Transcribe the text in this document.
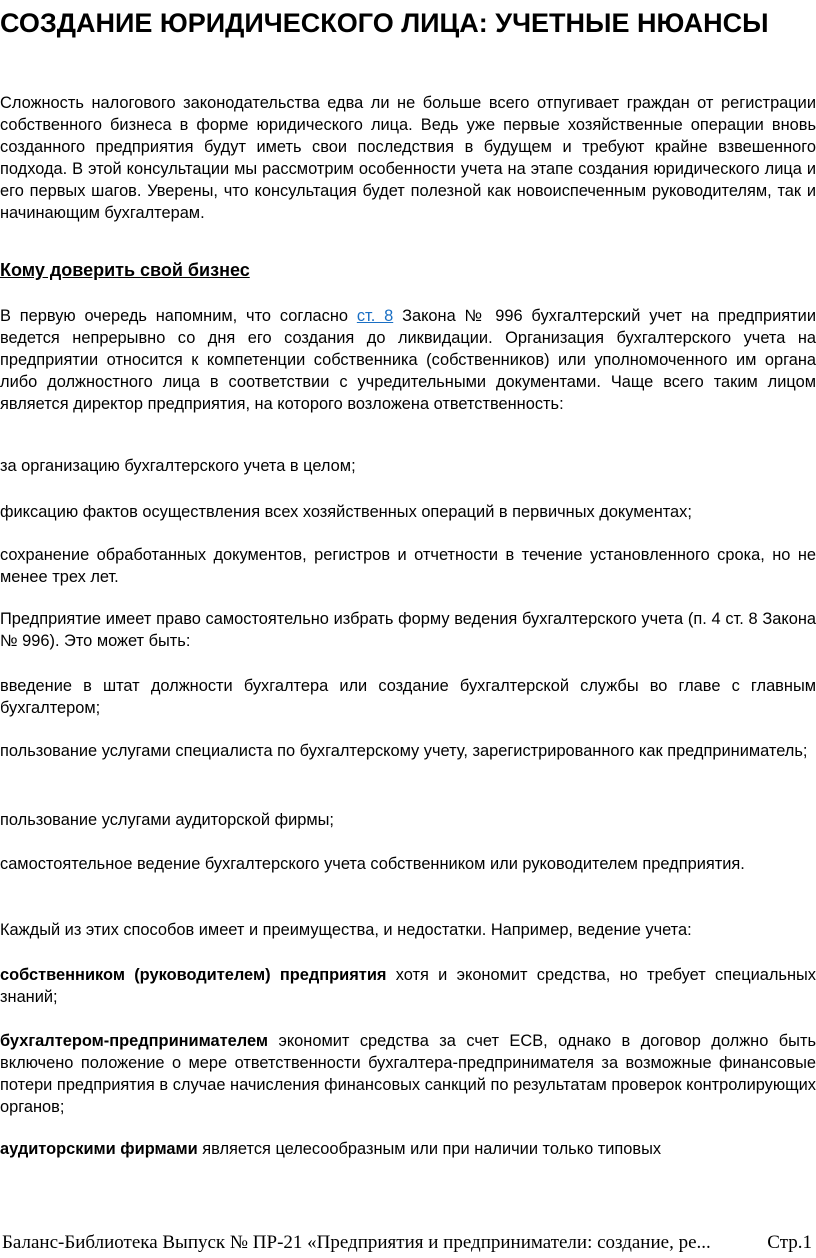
СОЗДАНИЕ ЮРИДИЧЕСКОГО ЛИЦА: УЧЕТНЫЕ НЮАНСЫ

Сложность налогового законодательства едва ли не больше всего отпугивает граждан от регистрации собственного бизнеса в форме юридического лица. Ведь уже первые хозяйственные операции вновь созданного предприятия будут иметь свои последствия в будущем и требуют крайне взвешенного подхода. В этой консультации мы рассмотрим особенности учета на этапе создания юридического лица и его первых шагов. Уверены, что консультация будет полезной как новоиспеченным руководителям, так и начинающим бухгалтерам.

Кому доверить свой бизнес

В первую очередь напомним, что согласно ст. 8 Закона № 996 бухгалтерский учет на предприятии ведется непрерывно со дня его создания до ликвидации. Организация бухгалтерского учета на предприятии относится к компетенции собственника (собственников) или уполномоченного им органа либо должностного лица в соответствии с учредительными документами. Чаще всего таким лицом является директор предприятия, на которого возложена ответственность:

за организацию бухгалтерского учета в целом;

фиксацию фактов осуществления всех хозяйственных операций в первичных документах;

сохранение обработанных документов, регистров и отчетности в течение установленного срока, но не менее трех лет.

Предприятие имеет право самостоятельно избрать форму ведения бухгалтерского учета (п. 4 ст. 8 Закона № 996). Это может быть:

введение в штат должности бухгалтера или создание бухгалтерской службы во главе с главным бухгалтером;

пользование услугами специалиста по бухгалтерскому учету, зарегистрированного как предприниматель;

пользование услугами аудиторской фирмы;

самостоятельное ведение бухгалтерского учета собственником или руководителем предприятия.

Каждый из этих способов имеет и преимущества, и недостатки. Например, ведение учета:

собственником (руководителем) предприятия хотя и экономит средства, но требует специальных знаний;

бухгалтером-предпринимателем экономит средства за счет ЕСВ, однако в договор должно быть включено положение о мере ответственности бухгалтера-предпринимателя за возможные финансовые потери предприятия в случае начисления финансовых санкций по результатам проверок контролирующих органов;

аудиторскими фирмами является целесообразным или при наличии только типовых

Баланс-Библиотека Выпуск № ПР-21 «Предприятия и предприниматели: создание, ре...	Стр.1
